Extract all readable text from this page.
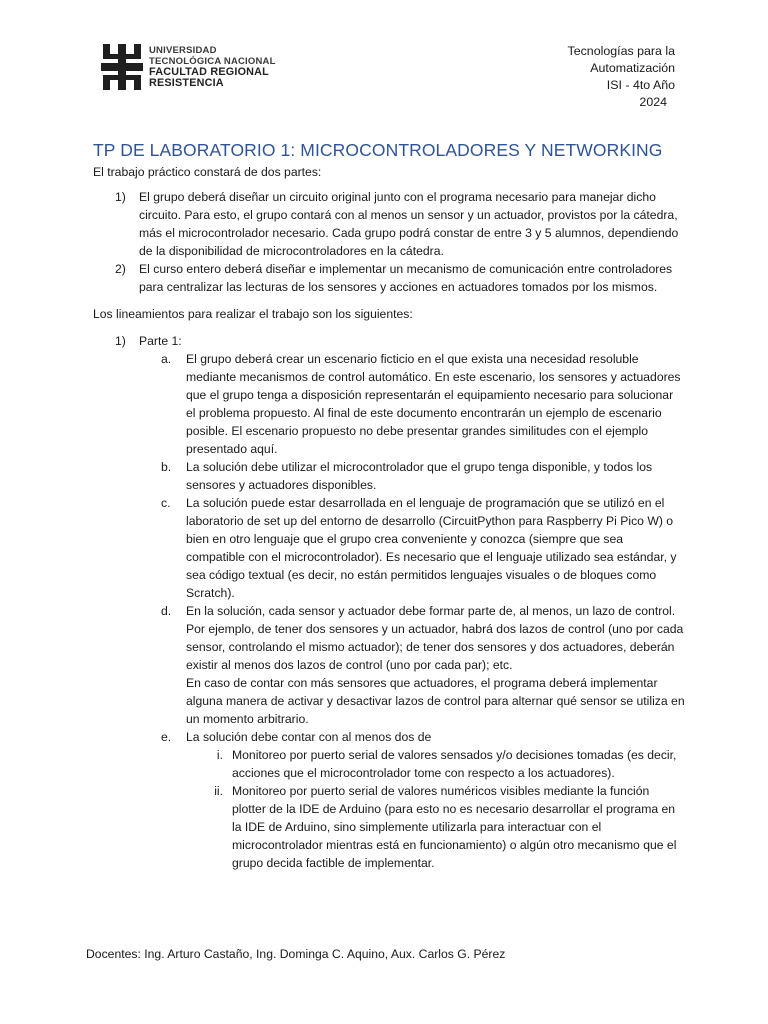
UNIVERSIDAD
TECNOLÓGICA NACIONAL
FACULTAD REGIONAL
RESISTENCIA
Tecnologías para la
Automatización
ISI - 4to Año
2024
TP DE LABORATORIO 1: MICROCONTROLADORES Y NETWORKING

El trabajo práctico constará de dos partes:

1)	El grupo deberá diseñar un circuito original junto con el programa necesario para manejar dicho circuito. Para esto, el grupo contará con al menos un sensor y un actuador, provistos por la cátedra, más el microcontrolador necesario. Cada grupo podrá constar de entre 3 y 5 alumnos, dependiendo de la disponibilidad de microcontroladores en la cátedra.
2)	El curso entero deberá diseñar e implementar un mecanismo de comunicación entre controladores para centralizar las lecturas de los sensores y acciones en actuadores tomados por los mismos.

Los lineamientos para realizar el trabajo son los siguientes:

1)	Parte 1:
a.	El grupo deberá crear un escenario ficticio en el que exista una necesidad resoluble mediante mecanismos de control automático. En este escenario, los sensores y actuadores que el grupo tenga a disposición representarán el equipamiento necesario para solucionar el problema propuesto. Al final de este documento encontrarán un ejemplo de escenario posible. El escenario propuesto no debe presentar grandes similitudes con el ejemplo presentado aquí.
b.	La solución debe utilizar el microcontrolador que el grupo tenga disponible, y todos los sensores y actuadores disponibles.
c.	La solución puede estar desarrollada en el lenguaje de programación que se utilizó en el laboratorio de set up del entorno de desarrollo (CircuitPython para Raspberry Pi Pico W) o bien en otro lenguaje que el grupo crea conveniente y conozca (siempre que sea compatible con el microcontrolador). Es necesario que el lenguaje utilizado sea estándar, y sea código textual (es decir, no están permitidos lenguajes visuales o de bloques como Scratch).
d.	En la solución, cada sensor y actuador debe formar parte de, al menos, un lazo de control. Por ejemplo, de tener dos sensores y un actuador, habrá dos lazos de control (uno por cada sensor, controlando el mismo actuador); de tener dos sensores y dos actuadores, deberán existir al menos dos lazos de control (uno por cada par); etc.
En caso de contar con más sensores que actuadores, el programa deberá implementar alguna manera de activar y desactivar lazos de control para alternar qué sensor se utiliza en un momento arbitrario.
e.	La solución debe contar con al menos dos de
i. Monitoreo por puerto serial de valores sensados y/o decisiones tomadas (es decir, acciones que el microcontrolador tome con respecto a los actuadores).
ii. Monitoreo por puerto serial de valores numéricos visibles mediante la función plotter de la IDE de Arduino (para esto no es necesario desarrollar el programa en la IDE de Arduino, sino simplemente utilizarla para interactuar con el microcontrolador mientras está en funcionamiento) o algún otro mecanismo que el grupo decida factible de implementar.
Docentes: Ing. Arturo Castaño, Ing. Dominga C. Aquino, Aux. Carlos G. Pérez
